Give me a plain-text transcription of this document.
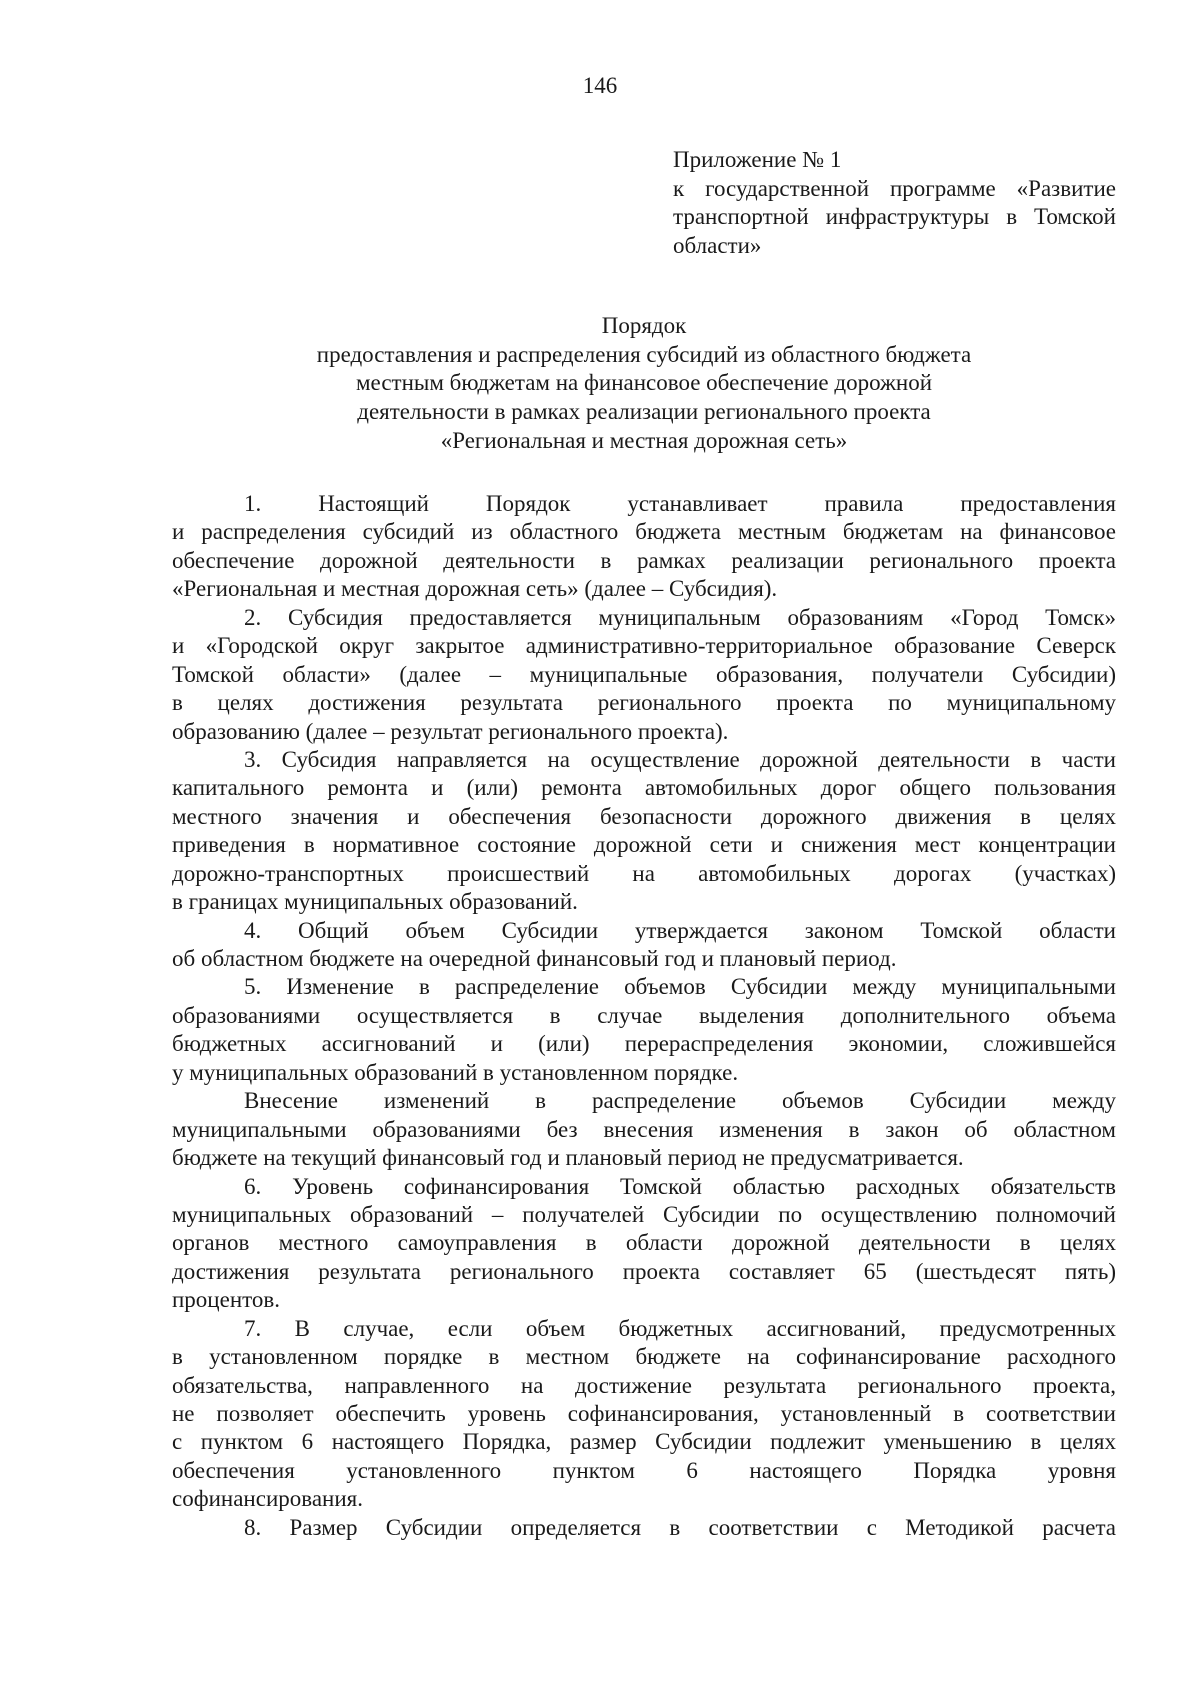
146
Приложение № 1
к государственной программе «Развитие
транспортной инфраструктуры в Томской
области»
Порядок
предоставления и распределения субсидий из областного бюджета
местным бюджетам на финансовое обеспечение дорожной
деятельности в рамках реализации регионального проекта
«Региональная и местная дорожная сеть»
1. Настоящий Порядок устанавливает правила предоставления
и распределения субсидий из областного бюджета местным бюджетам на финансовое
обеспечение дорожной деятельности в рамках реализации регионального проекта
«Региональная и местная дорожная сеть» (далее – Субсидия).
2. Субсидия предоставляется муниципальным образованиям «Город Томск»
и «Городской округ закрытое административно-территориальное образование Северск
Томской области» (далее – муниципальные образования, получатели Субсидии)
в целях достижения результата регионального проекта по муниципальному
образованию (далее – результат регионального проекта).
3. Субсидия направляется на осуществление дорожной деятельности в части
капитального ремонта и (или) ремонта автомобильных дорог общего пользования
местного значения и обеспечения безопасности дорожного движения в целях
приведения в нормативное состояние дорожной сети и снижения мест концентрации
дорожно-транспортных происшествий на автомобильных дорогах (участках)
в границах муниципальных образований.
4. Общий объем Субсидии утверждается законом Томской области
об областном бюджете на очередной финансовый год и плановый период.
5. Изменение в распределение объемов Субсидии между муниципальными
образованиями осуществляется в случае выделения дополнительного объема
бюджетных ассигнований и (или) перераспределения экономии, сложившейся
у муниципальных образований в установленном порядке.
Внесение изменений в распределение объемов Субсидии между
муниципальными образованиями без внесения изменения в закон об областном
бюджете на текущий финансовый год и плановый период не предусматривается.
6. Уровень софинансирования Томской областью расходных обязательств
муниципальных образований – получателей Субсидии по осуществлению полномочий
органов местного самоуправления в области дорожной деятельности в целях
достижения результата регионального проекта составляет 65 (шестьдесят пять)
процентов.
7. В случае, если объем бюджетных ассигнований, предусмотренных
в установленном порядке в местном бюджете на софинансирование расходного
обязательства, направленного на достижение результата регионального проекта,
не позволяет обеспечить уровень софинансирования, установленный в соответствии
с пунктом 6 настоящего Порядка, размер Субсидии подлежит уменьшению в целях
обеспечения установленного пунктом 6 настоящего Порядка уровня
софинансирования.
8. Размер Субсидии определяется в соответствии с Методикой расчета
